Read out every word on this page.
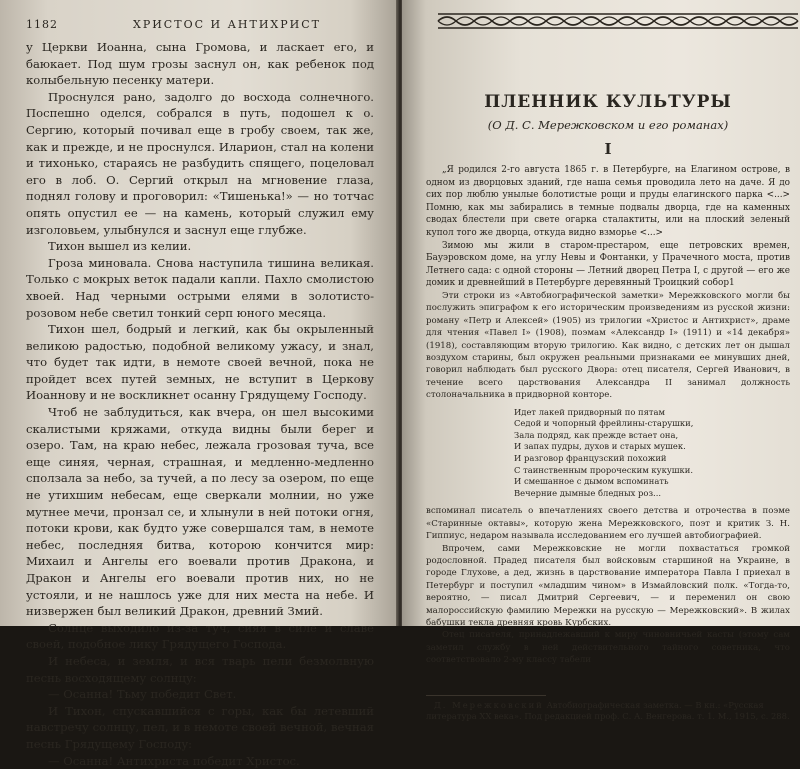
1182	ХРИСТОС И АНТИХРИСТ

у Церкви Иоанна, сына Громова, и ласкает его, и баюкает. Под шум грозы заснул он, как ребенок под колыбельную песенку матери.

Проснулся рано, задолго до восхода солнечного. Поспешно оделся, собрался в путь, подошел к о. Сергию, который почивал еще в гробу своем, так же, как и прежде, и не проснулся. Иларион, стал на колени и тихонько, стараясь не разбудить спящего, поцеловал его в лоб. О. Сергий открыл на мгновение глаза, поднял голову и проговорил: «Тишенька!» — но тотчас опять опустил ее — на камень, который служил ему изголовьем, улыбнулся и заснул еще глубже.

Тихон вышел из келии.

Гроза миновала. Снова наступила тишина великая. Только с мокрых веток падали капли. Пахло смолистою хвоей. Над черными острыми елями в золотисто-розовом небе светил тонкий серп юного месяца.

Тихон шел, бодрый и легкий, как бы окрыленный великою радостью, подобной великому ужасу, и знал, что будет так идти, в немоте своей вечной, пока не пройдет всех путей земных, не вступит в Церкову Иоаннову и не воскликнет осанну Грядущему Господу.

Чтоб не заблудиться, как вчера, он шел высокими скалистыми кряжами, откуда видны были берег и озеро. Там, на краю небес, лежала грозовая туча, все еще синяя, черная, страшная, и медленно-медленно сползала за небо, за тучей, а по лесу за озером, по еще не утихшим небесам, еще сверкали молнии, но уже мутнее мечи, пронзал се, и хлынули в ней потоки огня, потоки крови, как будто уже совершался там, в немоте небес, последняя битва, которою кончится мир: Михаил и Ангелы его воевали против Дракона, и Дракон и Ангелы его воевали против них, но не устояли, и не нашлось уже для них места на небе. И низвержен был великий Дракон, древний Змий.

Солнце выходило из-за туч, сияя в силе и славе своей, подобное лику Грядущего Господа.

И небеса, и земля, и вся тварь пели безмолвную песнь восходящему солнцу:

— Осанна! Тьму победит Свет.

И Тихон, спускавшийся с горы, как бы летевший навстречу солнцу, пел, и в немоте своей вечной, вечная песнь Грядущему Господу:

— Осанна! Антихриста победит Христос.

ПЛЕННИК КУЛЬТУРЫ
(О Д. С. Мережковском и его романах)
I

„Я родился 2-го августа 1865 г. в Петербурге, на Елагином острове, в одном из дворцовых зданий, где наша семья проводила лето на даче. Я до сих пор люблю унылые болотистые рощи и пруды елагинского парка <...> Помню, как мы забирались в темные подвалы дворца, где на каменных сводах блестели при свете огарка сталактиты, или на плоский зеленый купол того же дворца, откуда видно взморье <...>

Зимою мы жили в старом-престаром, еще петровских времен, Бауэровском доме, на углу Невы и Фонтанки, у Прачечного моста, против Летнего сада: с одной стороны — Летний дворец Петра I, с другой — его же домик и древнейший в Петербурге деревянный Троицкий собор1

Эти строки из «Автобиографической заметки» Мережковского могли бы послужить эпиграфом к его историческим произведениям из русской жизни: роману «Петр и Алексей» (1905) из трилогии «Христос и Антихрист», драме для чтения «Павел I» (1908), поэмам «Александр I» (1911) и «14 декабря» (1918), составляющим вторую трилогию. Как видно, с детских лет он дышал воздухом старины, был окружен реальными признаками ее минувших дней, говорил наблюдать был русского Двора: отец писателя, Сергей Иванович, в течение всего царствования Александра II занимал должность столоначальника в придворной конторе.

Идет лакей придворный по пятам
Седой и чопорный фрейлины-старушки,
Зала подряд, как прежде встает она,
И запах пудры, духов и старых мушек.
И разговор французский похожий
С таинственным пророческим кукушки.
И смешанное с дымом вспоминать
Вечерние дымные бледных роз...

вспоминал писатель о впечатлениях своего детства и отрочества в поэме «Старинные октавы», которую жена Мережковского, поэт и критик З. Н. Гиппиус, недаром называла исследованием его лучшей автобиографией.

Впрочем, сами Мережковские не могли похвастаться громкой родословной. Прадед писателя был войсковым старшиной на Украине, в городе Глухове, а дед, жизнь в царствование императора Павла I приехал в Петербург и поступил «младшим чином» в Измайловский полк. «Тогда-то, вероятно, — писал Дмитрий Сергеевич, — и переменил он свою малороссийскую фамилию Мережки на русскую — Мережковский». В жилах бабушки текла древняя кровь Курбских.

Отец писателя, принадлежавший к миру чиновничьей касты (этому сам заметил службу в ней действительного тайного советника, что соответствовало 2-му классу табели

Д. Мережковский Автобиографическая заметка. — В кн.: «Русская литература XX века». Под редакцией проф. С. А. Венгерова. т. 1. М., 1915, с. 288.
